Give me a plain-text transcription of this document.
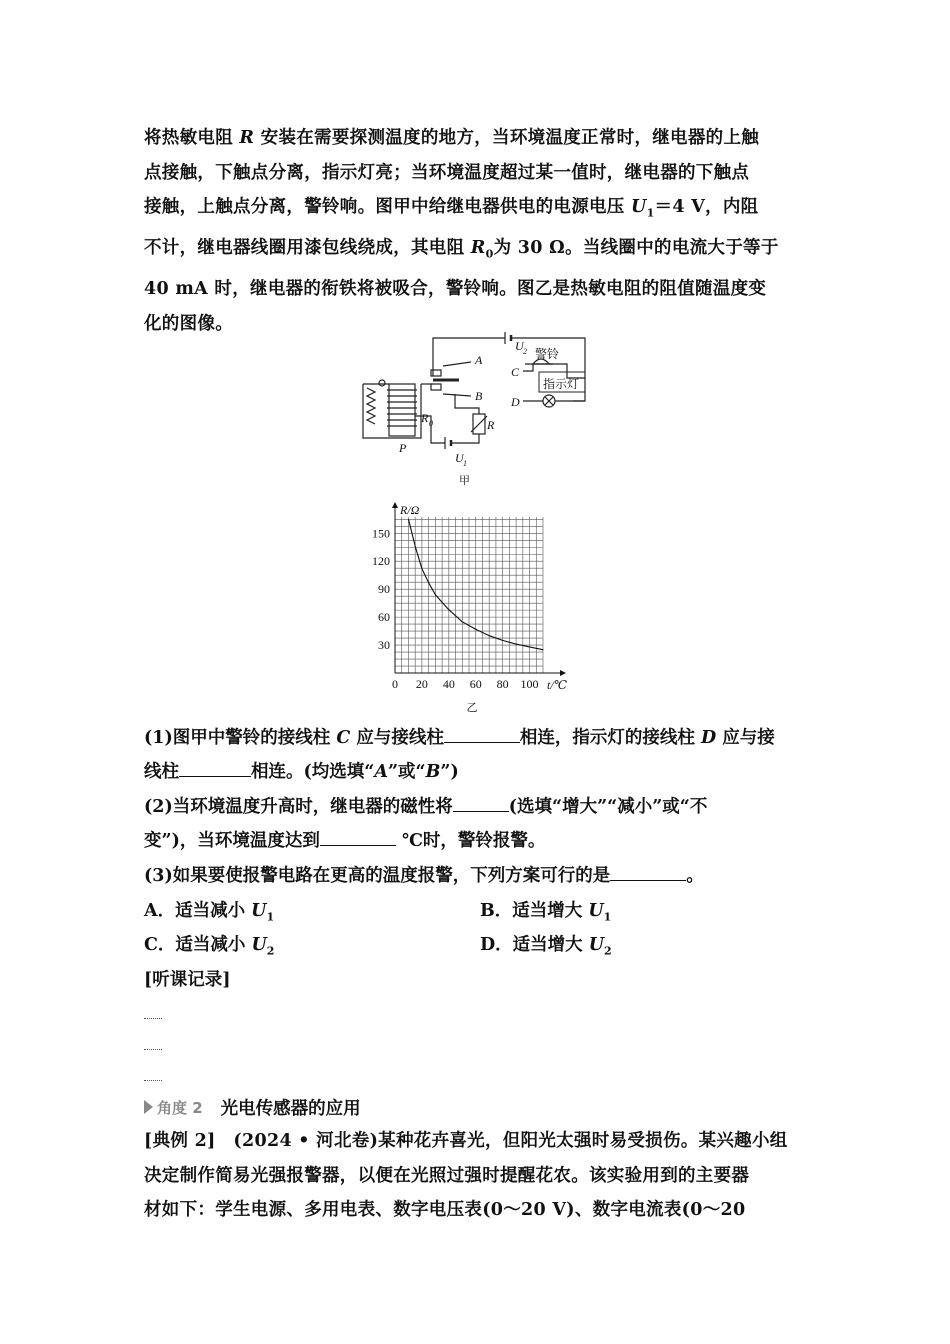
将热敏电阻 R 安装在需要探测温度的地方，当环境温度正常时，继电器的上触
点接触，下触点分离，指示灯亮；当环境温度超过某一值时，继电器的下触点
接触，上触点分离，警铃响。图甲中给继电器供电的电源电压 $U_1=4$ V，内阻
不计，继电器线圈用漆包线绕成，其电阻 $R_0$为 30 Ω。当线圈中的电流大于等于
40 mA 时，继电器的衔铁将被吸合，警铃响。图乙是热敏电阻的阻值随温度变
化的图像。
U 2
A
B
C
D
R 0	R
P
U 1
警铃
指示灯
甲
0 20 40 60 80 100
30
60
90
120
150
t/℃
R/Ω
乙
(1)图甲中警铃的接线柱 C 应与接线柱	相连，指示灯的接线柱 D 应与接
线柱	相连。(均选填“A”或“B”)
(2)当环境温度升高时，继电器的磁性将	(选填“增大”“减小”或“不
变”)，当环境温度达到	℃时，警铃报警。
(3)如果要使报警电路在更高的温度报警，下列方案可行的是	。
A．适当减小 $U_1$	B．适当增大 $U_1$
C．适当减小 $U_2$	D．适当增大 $U_2$
[听课记录]
角度 2 光电传感器的应用
[典例 2]　(2024 • 河北卷)某种花卉喜光，但阳光太强时易受损伤。某兴趣小组
决定制作简易光强报警器，以便在光照过强时提醒花农。该实验用到的主要器
材如下：学生电源、多用电表、数字电压表(0～20 V)、数字电流表(0～20
